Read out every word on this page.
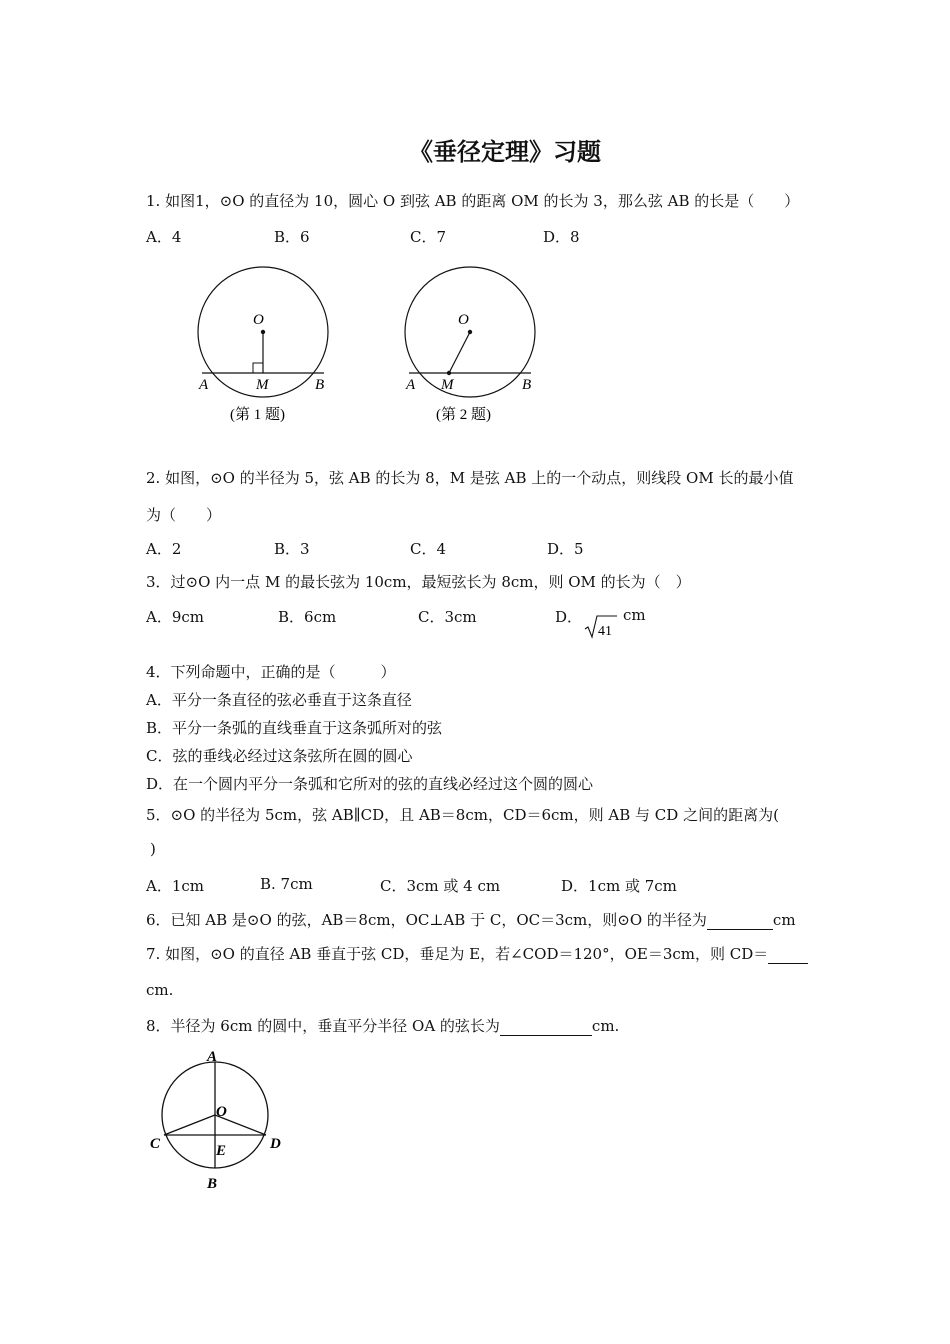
《垂径定理》习题
1. 如图1，⊙O 的直径为 10，圆心 O 到弦 AB 的距离 OM 的长为 3，那么弦 AB 的长是（　　）
A．4	B．6	C．7	D．8
O
A	M	B
(第 1 题)
O
A M	B
(第 2 题)
2. 如图，⊙O 的半径为 5，弦 AB 的长为 8，M 是弦 AB 上的一个动点，则线段 OM 长的最小值
为（　　）
A．2	B．3	C．4	D．5
3．过⊙O 内一点 M 的最长弦为 10cm，最短弦长为 8cm，则 OM 的长为（　）
A．9cm	B．6cm	C．3cm	D．
41
cm
4．下列命题中，正确的是（　　　）
A．平分一条直径的弦必垂直于这条直径
B．平分一条弧的直线垂直于这条弧所对的弦
C．弦的垂线必经过这条弦所在圆的圆心
D．在一个圆内平分一条弧和它所对的弦的直线必经过这个圆的圆心
5．⊙O 的半径为 5cm，弦 AB∥CD，且 AB＝8cm，CD＝6cm，则 AB 与 CD 之间的距离为(
)
A．1cm	B. 7cm	C．3cm 或 4 cm	D．1cm 或 7cm
6．已知 AB 是⊙O 的弦，AB＝8cm，OC⊥AB 于 C，OC＝3cm，则⊙O 的半径为	cm
7. 如图，⊙O 的直径 AB 垂直于弦 CD，垂足为 E，若∠COD＝120°，OE＝3cm，则 CD＝
cm.
8．半径为 6cm 的圆中，垂直平分半径 OA 的弦长为	cm.
A
O
C	E	D
B
